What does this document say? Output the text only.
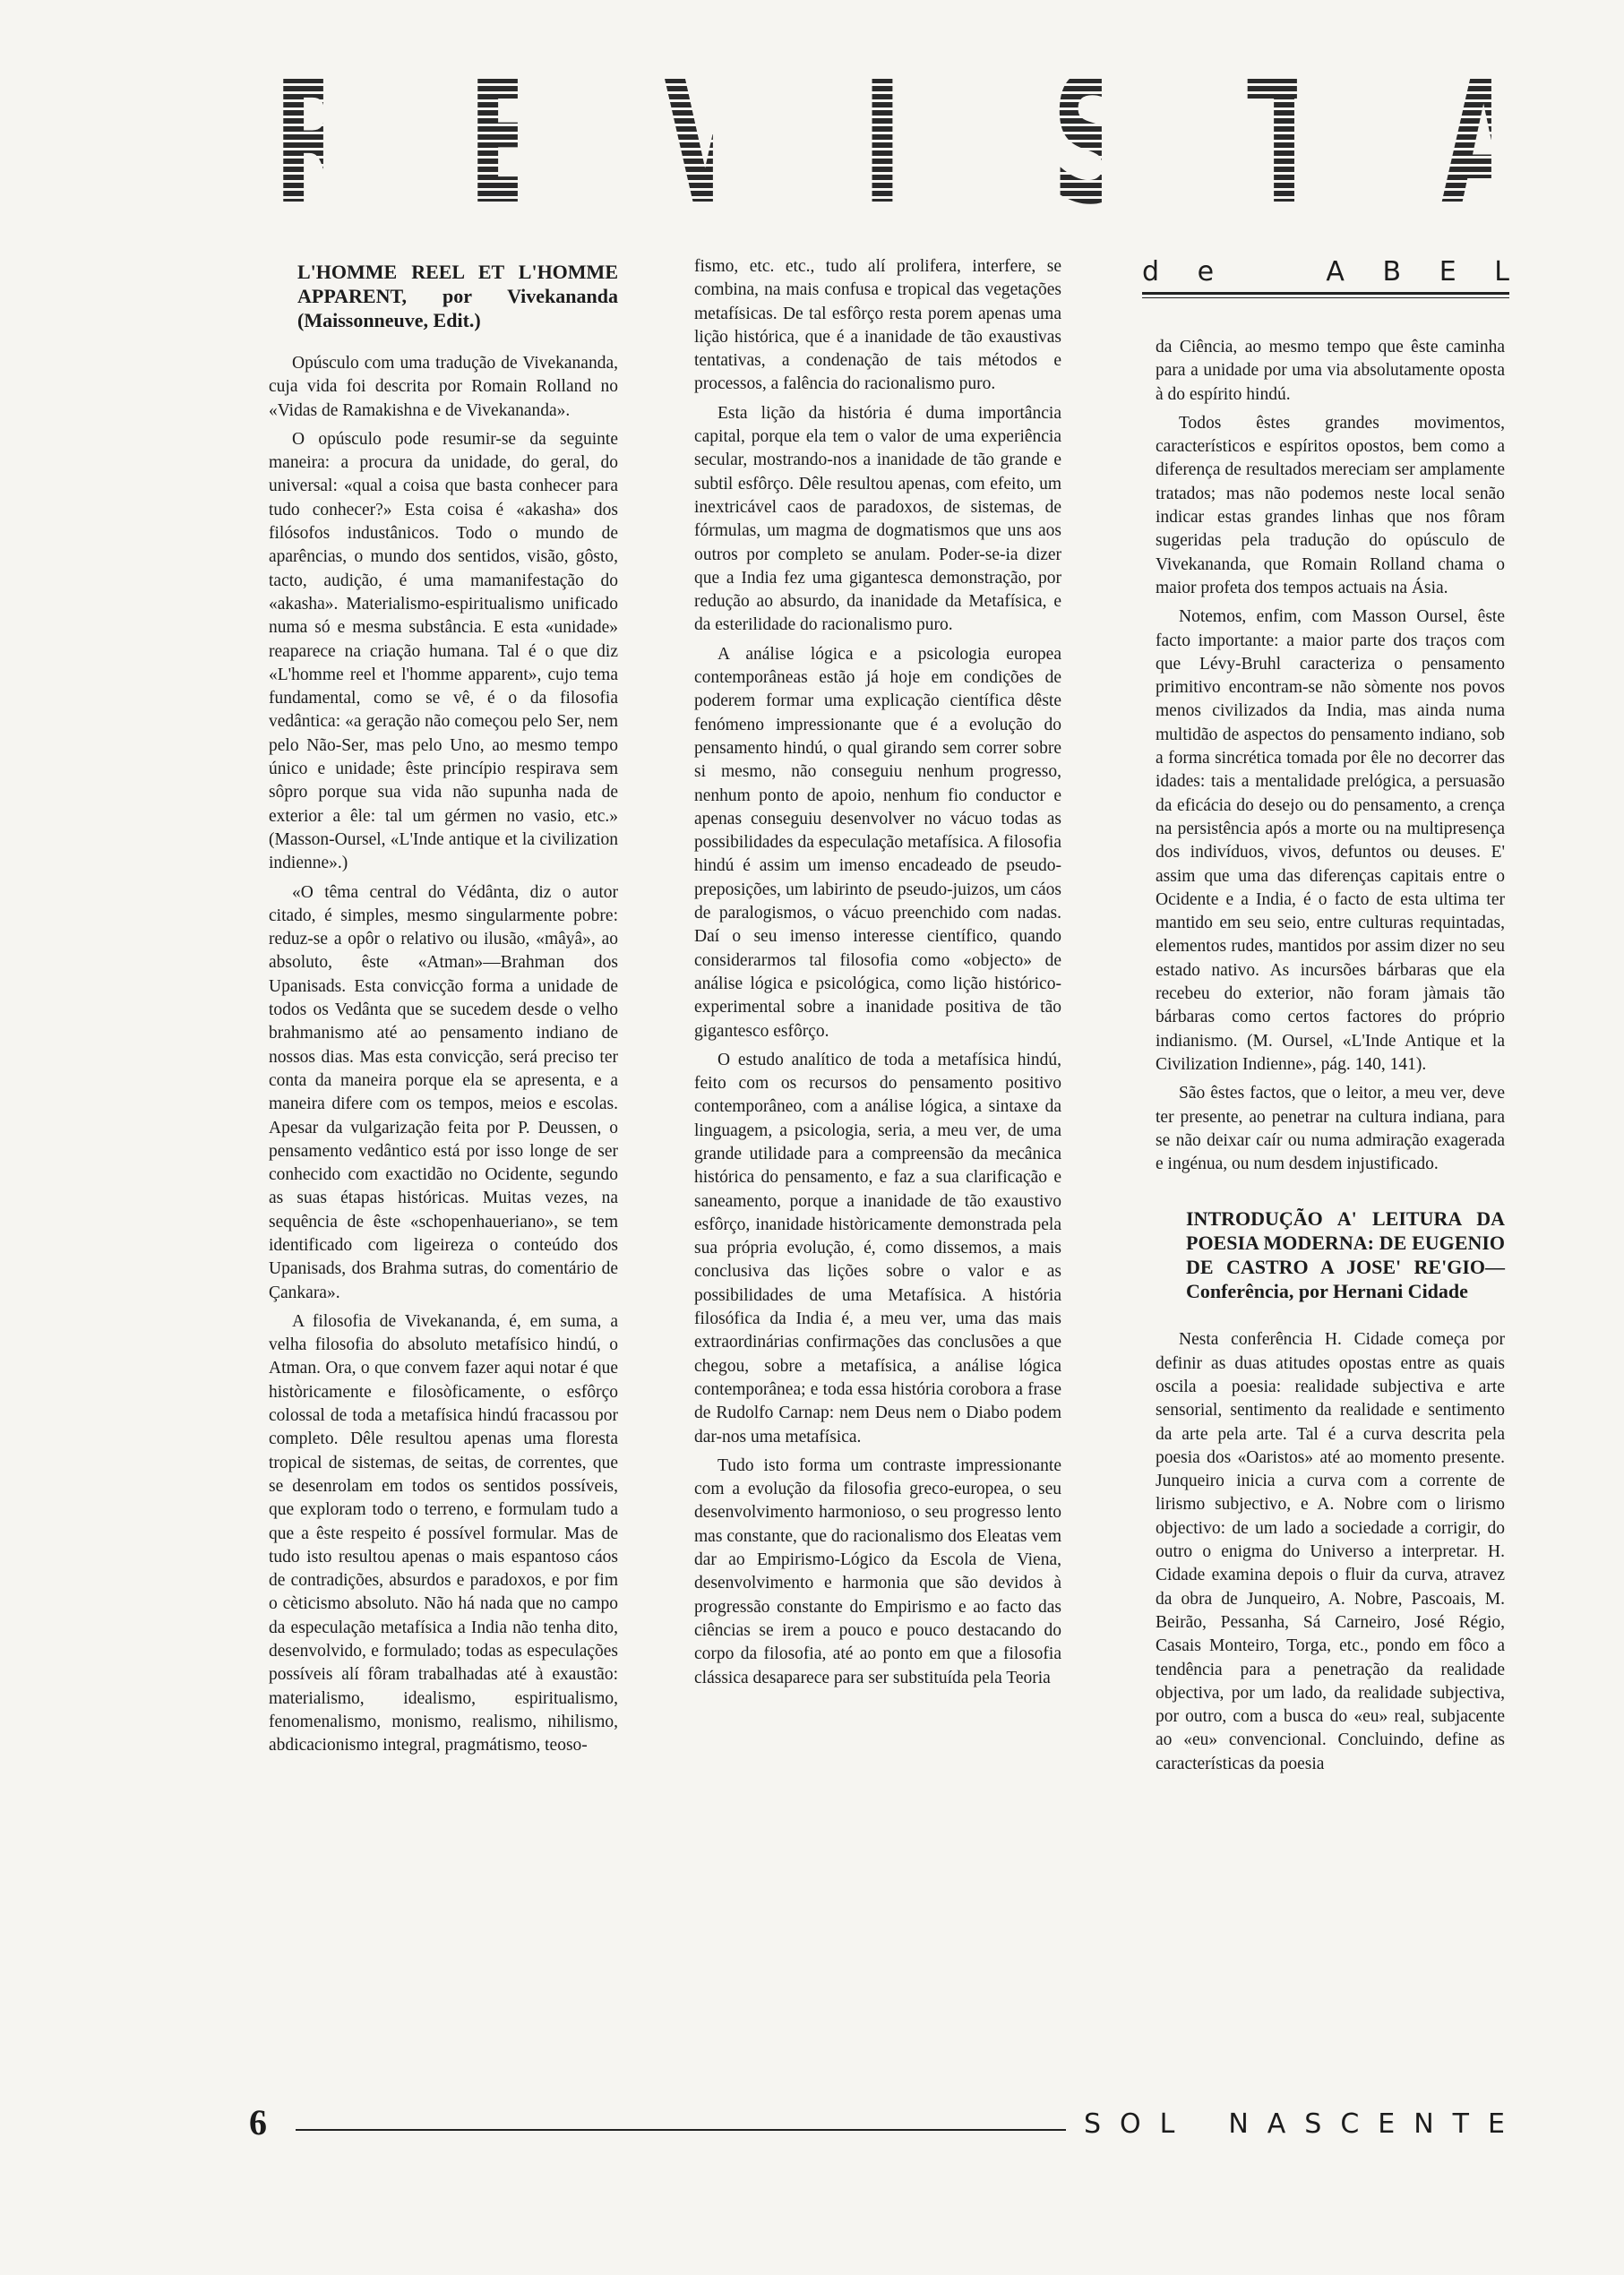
R E V I S T A
d e	A B E L
L'HOMME REEL ET L'HOMME APPARENT, por Vivekananda (Maissonneuve, Edit.)

Opúsculo com uma tradução de Vivekananda, cuja vida foi descrita por Romain Rolland no «Vidas de Ramakishna e de Vivekananda».

O opúsculo pode resumir-se da seguinte maneira: a procura da unidade, do geral, do universal: «qual a coisa que basta conhecer para tudo conhecer?» Esta coisa é «akasha» dos filósofos industânicos. Todo o mundo de aparências, o mundo dos sentidos, visão, gôsto, tacto, audição, é uma mamanifestação do «akasha». Materialismo-espiritualismo unificado numa só e mesma substância. E esta «unidade» reaparece na criação humana. Tal é o que diz «L'homme reel et l'homme apparent», cujo tema fundamental, como se vê, é o da filosofia vedântica: «a geração não começou pelo Ser, nem pelo Não-Ser, mas pelo Uno, ao mesmo tempo único e unidade; êste princípio respirava sem sôpro porque sua vida não supunha nada de exterior a êle: tal um gérmen no vasio, etc.» (Masson-Oursel, «L'Inde antique et la civilization indienne».)

«O têma central do Védânta, diz o autor citado, é simples, mesmo singularmente pobre: reduz-se a opôr o relativo ou ilusão, «mâyâ», ao absoluto, êste «Atman»—Brahman dos Upanisads. Esta convicção forma a unidade de todos os Vedânta que se sucedem desde o velho brahmanismo até ao pensamento indiano de nossos dias. Mas esta convicção, será preciso ter conta da maneira porque ela se apresenta, e a maneira difere com os tempos, meios e escolas. Apesar da vulgarização feita por P. Deussen, o pensamento vedântico está por isso longe de ser conhecido com exactidão no Ocidente, segundo as suas étapas históricas. Muitas vezes, na sequência de êste «schopenhaueriano», se tem identificado com ligeireza o conteúdo dos Upanisads, dos Brahma sutras, do comentário de Çankara».

A filosofia de Vivekananda, é, em suma, a velha filosofia do absoluto metafísico hindú, o Atman. Ora, o que convem fazer aqui notar é que històricamente e filosòficamente, o esfôrço colossal de toda a metafísica hindú fracassou por completo. Dêle resultou apenas uma floresta tropical de sistemas, de seitas, de correntes, que se desenrolam em todos os sentidos possíveis, que exploram todo o terreno, e formulam tudo a que a êste respeito é possível formular. Mas de tudo isto resultou apenas o mais espantoso cáos de contradições, absurdos e paradoxos, e por fim o cèticismo absoluto. Não há nada que no campo da especulação metafísica a India não tenha dito, desenvolvido, e formulado; todas as especulações possíveis alí fôram trabalhadas até à exaustão: materialismo, idealismo, espiritualismo, fenomenalismo, monismo, realismo, nihilismo, abdicacionismo integral, pragmátismo, teoso-

fismo, etc. etc., tudo alí prolifera, interfere, se combina, na mais confusa e tropical das vegetações metafísicas. De tal esfôrço resta porem apenas uma lição histórica, que é a inanidade de tão exaustivas tentativas, a condenação de tais métodos e processos, a falência do racionalismo puro.

Esta lição da história é duma importância capital, porque ela tem o valor de uma experiência secular, mostrando-nos a inanidade de tão grande e subtil esfôrço. Dêle resultou apenas, com efeito, um inextricável caos de paradoxos, de sistemas, de fórmulas, um magma de dogmatismos que uns aos outros por completo se anulam. Poder-se-ia dizer que a India fez uma gigantesca demonstração, por redução ao absurdo, da inanidade da Metafísica, e da esterilidade do racionalismo puro.

A análise lógica e a psicologia europea contemporâneas estão já hoje em condições de poderem formar uma explicação científica dêste fenómeno impressionante que é a evolução do pensamento hindú, o qual girando sem correr sobre si mesmo, não conseguiu nenhum progresso, nenhum ponto de apoio, nenhum fio conductor e apenas conseguiu desenvolver no vácuo todas as possibilidades da especulação metafísica. A filosofia hindú é assim um imenso encadeado de pseudo-preposições, um labirinto de pseudo-juizos, um cáos de paralogismos, o vácuo preenchido com nadas. Daí o seu imenso interesse científico, quando considerarmos tal filosofia como «objecto» de análise lógica e psicológica, como lição histórico-experimental sobre a inanidade positiva de tão gigantesco esfôrço.

O estudo analítico de toda a metafísica hindú, feito com os recursos do pensamento positivo contemporâneo, com a análise lógica, a sintaxe da linguagem, a psicologia, seria, a meu ver, de uma grande utilidade para a compreensão da mecânica histórica do pensamento, e faz a sua clarificação e saneamento, porque a inanidade de tão exaustivo esfôrço, inanidade històricamente demonstrada pela sua própria evolução, é, como dissemos, a mais conclusiva das lições sobre o valor e as possibilidades de uma Metafísica. A história filosófica da India é, a meu ver, uma das mais extraordinárias confirmações das conclusões a que chegou, sobre a metafísica, a análise lógica contemporânea; e toda essa história corobora a frase de Rudolfo Carnap: nem Deus nem o Diabo podem dar-nos uma metafísica.

Tudo isto forma um contraste impressionante com a evolução da filosofia greco-europea, o seu desenvolvimento harmonioso, o seu progresso lento mas constante, que do racionalismo dos Eleatas vem dar ao Empirismo-Lógico da Escola de Viena, desenvolvimento e harmonia que são devidos à progressão constante do Empirismo e ao facto das ciências se irem a pouco e pouco destacando do corpo da filosofia, até ao ponto em que a filosofia clássica desaparece para ser substituída pela Teoria

da Ciência, ao mesmo tempo que êste caminha para a unidade por uma via absolutamente oposta à do espírito hindú.

Todos êstes grandes movimentos, característicos e espíritos opostos, bem como a diferença de resultados mereciam ser amplamente tratados; mas não podemos neste local senão indicar estas grandes linhas que nos fôram sugeridas pela tradução do opúsculo de Vivekananda, que Romain Rolland chama o maior profeta dos tempos actuais na Ásia.

Notemos, enfim, com Masson Oursel, êste facto importante: a maior parte dos traços com que Lévy-Bruhl caracteriza o pensamento primitivo encontram-se não sòmente nos povos menos civilizados da India, mas ainda numa multidão de aspectos do pensamento indiano, sob a forma sincrética tomada por êle no decorrer das idades: tais a mentalidade prelógica, a persuasão da eficácia do desejo ou do pensamento, a crença na persistência após a morte ou na multipresença dos indivíduos, vivos, defuntos ou deuses. E' assim que uma das diferenças capitais entre o Ocidente e a India, é o facto de esta ultima ter mantido em seu seio, entre culturas requintadas, elementos rudes, mantidos por assim dizer no seu estado nativo. As incursões bárbaras que ela recebeu do exterior, não foram jàmais tão bárbaras como certos factores do próprio indianismo. (M. Oursel, «L'Inde Antique et la Civilization Indienne», pág. 140, 141).

São êstes factos, que o leitor, a meu ver, deve ter presente, ao penetrar na cultura indiana, para se não deixar caír ou numa admiração exagerada e ingénua, ou num desdem injustificado.

INTRODUÇÃO A' LEITURA DA POESIA MODERNA: DE EUGENIO DE CASTRO A JOSE' RE'GIO—Conferência, por Hernani Cidade

Nesta conferência H. Cidade começa por definir as duas atitudes opostas entre as quais oscila a poesia: realidade subjectiva e arte sensorial, sentimento da realidade e sentimento da arte pela arte. Tal é a curva descrita pela poesia dos «Oaristos» até ao momento presente. Junqueiro inicia a curva com a corrente de lirismo subjectivo, e A. Nobre com o lirismo objectivo: de um lado a sociedade a corrigir, do outro o enigma do Universo a interpretar. H. Cidade examina depois o fluir da curva, atravez da obra de Junqueiro, A. Nobre, Pascoais, M. Beirão, Pessanha, Sá Carneiro, José Régio, Casais Monteiro, Torga, etc., pondo em fôco a tendência para a penetração da realidade objectiva, por um lado, da realidade subjectiva, por outro, com a busca do «eu» real, subjacente ao «eu» convencional. Concluindo, define as características da poesia

6	S O L N A S C E N T E
